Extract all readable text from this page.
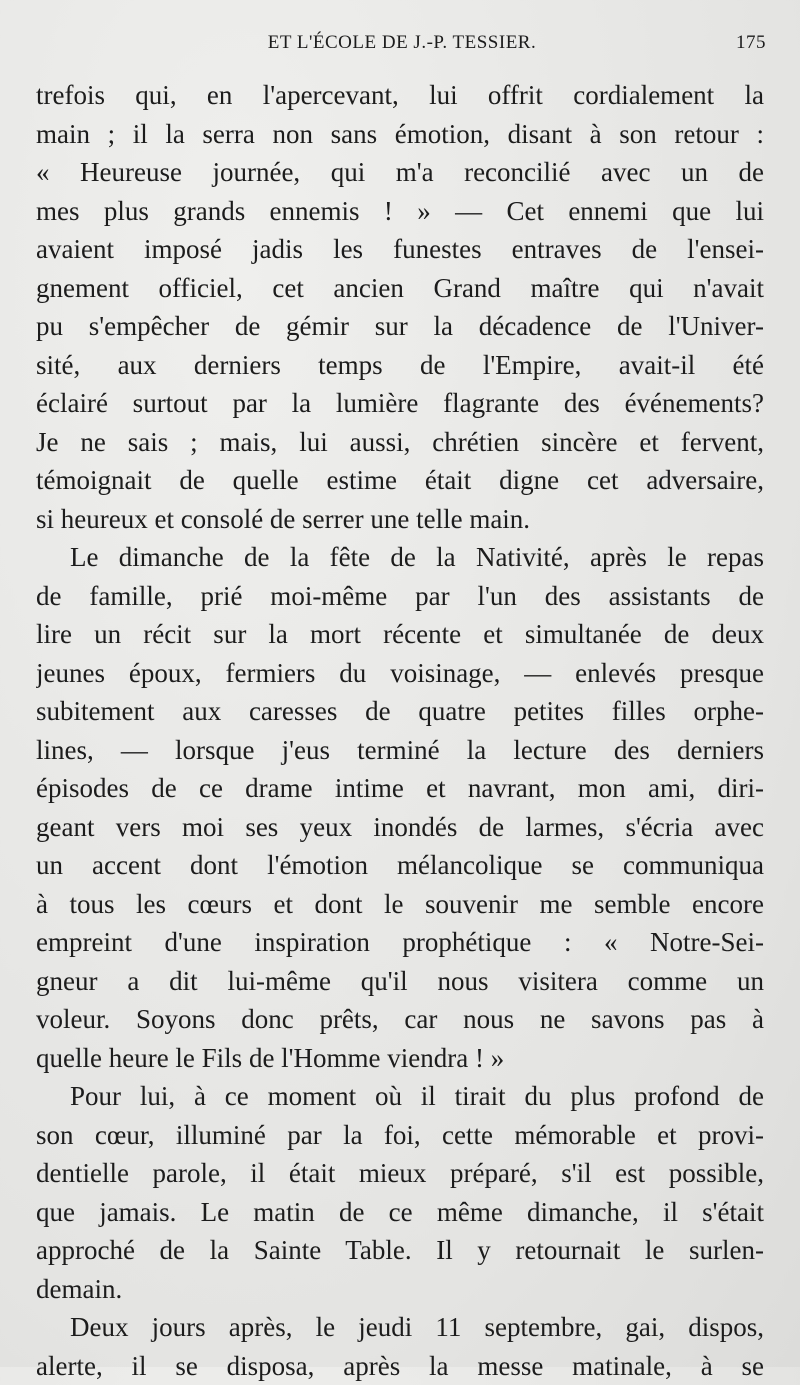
ET L'ÉCOLE DE J.-P. TESSIER.	175
trefois qui, en l'apercevant, lui offrit cordialement la
main ; il la serra non sans émotion, disant à son retour :
« Heureuse journée, qui m'a reconcilié avec un de
mes plus grands ennemis ! » — Cet ennemi que lui
avaient imposé jadis les funestes entraves de l'ensei-
gnement officiel, cet ancien Grand maître qui n'avait
pu s'empêcher de gémir sur la décadence de l'Univer-
sité, aux derniers temps de l'Empire, avait-il été
éclairé surtout par la lumière flagrante des événements?
Je ne sais ; mais, lui aussi, chrétien sincère et fervent,
témoignait de quelle estime était digne cet adversaire,
si heureux et consolé de serrer une telle main.
Le dimanche de la fête de la Nativité, après le repas
de famille, prié moi-même par l'un des assistants de
lire un récit sur la mort récente et simultanée de deux
jeunes époux, fermiers du voisinage, — enlevés presque
subitement aux caresses de quatre petites filles orphe-
lines, — lorsque j'eus terminé la lecture des derniers
épisodes de ce drame intime et navrant, mon ami, diri-
geant vers moi ses yeux inondés de larmes, s'écria avec
un accent dont l'émotion mélancolique se communiqua
à tous les cœurs et dont le souvenir me semble encore
empreint d'une inspiration prophétique : « Notre-Sei-
gneur a dit lui-même qu'il nous visitera comme un
voleur. Soyons donc prêts, car nous ne savons pas à
quelle heure le Fils de l'Homme viendra ! »
Pour lui, à ce moment où il tirait du plus profond de
son cœur, illuminé par la foi, cette mémorable et provi-
dentielle parole, il était mieux préparé, s'il est possible,
que jamais. Le matin de ce même dimanche, il s'était
approché de la Sainte Table. Il y retournait le surlen-
demain.
Deux jours après, le jeudi 11 septembre, gai, dispos,
alerte, il se disposa, après la messe matinale, à se
